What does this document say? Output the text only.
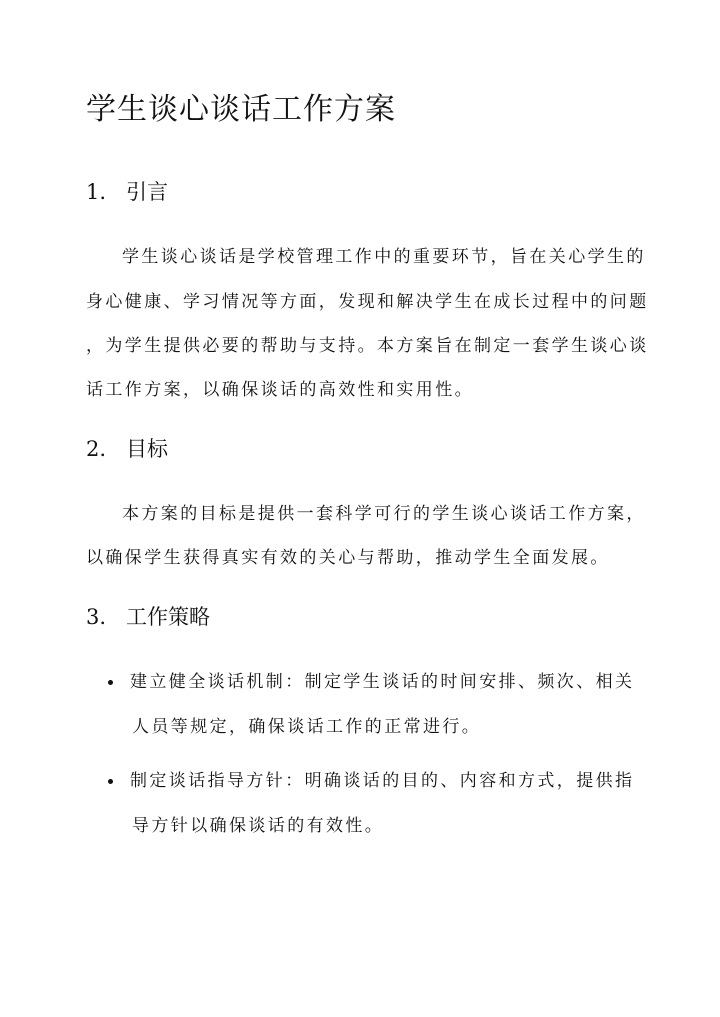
学生谈心谈话工作方案
1. 引言
学生谈心谈话是学校管理工作中的重要环节，旨在关心学生的
身心健康、学习情况等方面，发现和解决学生在成长过程中的问题
，为学生提供必要的帮助与支持。本方案旨在制定一套学生谈心谈
话工作方案，以确保谈话的高效性和实用性。
2. 目标
本方案的目标是提供一套科学可行的学生谈心谈话工作方案，
以确保学生获得真实有效的关心与帮助，推动学生全面发展。
3. 工作策略
建立健全谈话机制：制定学生谈话的时间安排、频次、相关
人员等规定，确保谈话工作的正常进行。
制定谈话指导方针：明确谈话的目的、内容和方式，提供指
导方针以确保谈话的有效性。
